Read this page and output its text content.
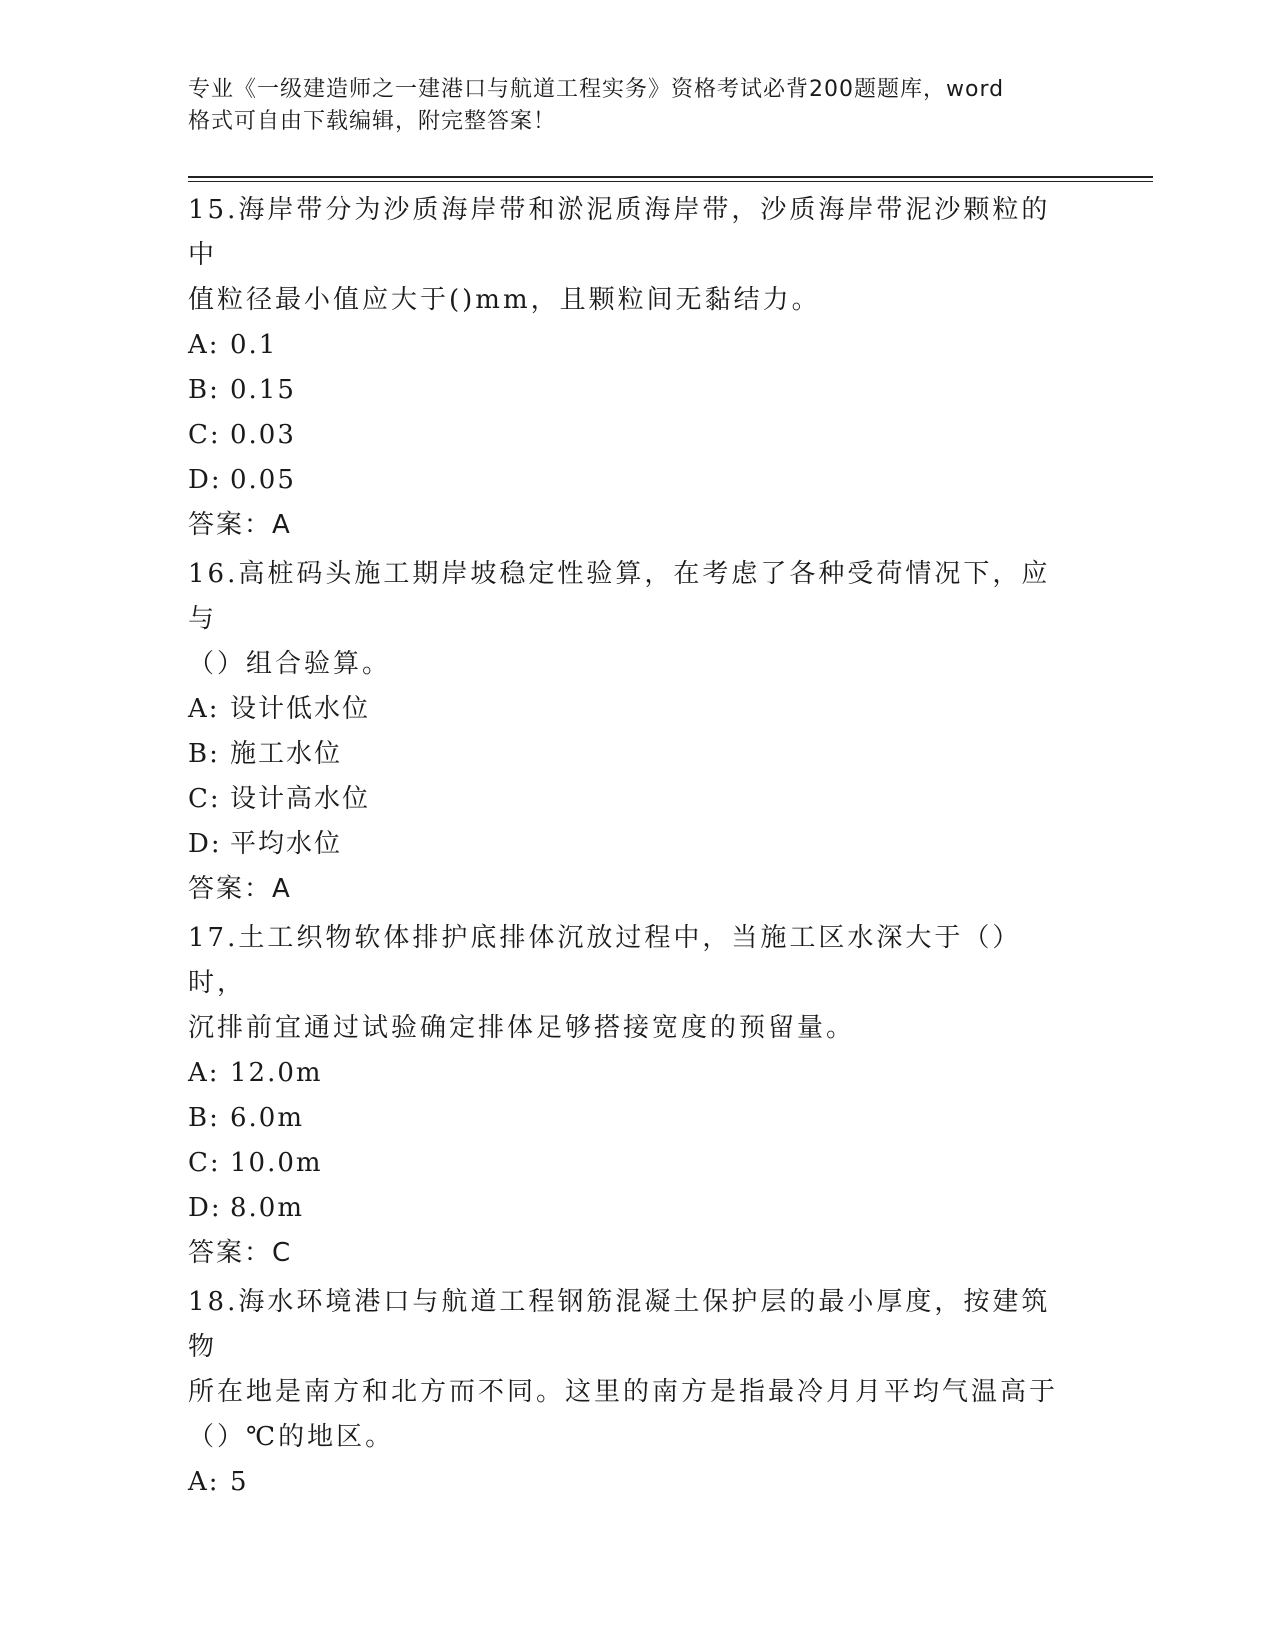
专业《一级建造师之一建港口与航道工程实务》资格考试必背200题题库，word
格式可自由下载编辑，附完整答案！

15.海岸带分为沙质海岸带和淤泥质海岸带，沙质海岸带泥沙颗粒的中

值粒径最小值应大于()mm，且颗粒间无黏结力。

A: 0.1

B: 0.15

C: 0.03

D: 0.05

答案：A

16.高桩码头施工期岸坡稳定性验算，在考虑了各种受荷情况下，应与

（）组合验算。

A: 设计低水位

B: 施工水位

C: 设计高水位

D: 平均水位

答案：A

17.土工织物软体排护底排体沉放过程中，当施工区水深大于（）时，

沉排前宜通过试验确定排体足够搭接宽度的预留量。

A: 12.0m

B: 6.0m

C: 10.0m

D: 8.0m

答案：C

18.海水环境港口与航道工程钢筋混凝土保护层的最小厚度，按建筑物

所在地是南方和北方而不同。这里的南方是指最冷月月平均气温高于

（）℃的地区。

A: 5
